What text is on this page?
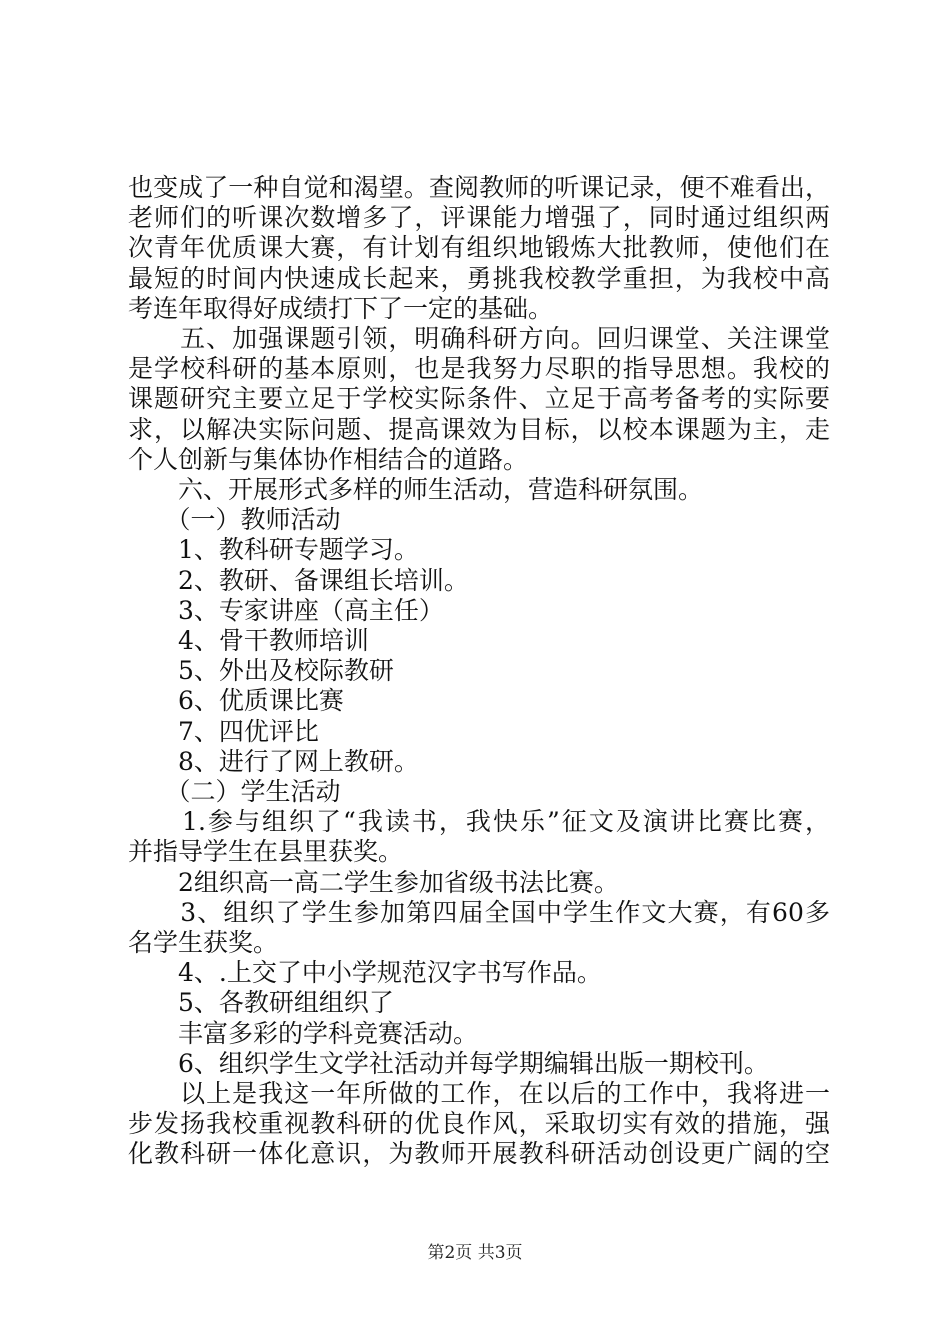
也变成了一种自觉和渴望。查阅教师的听课记录，便不难看出，
老师们的听课次数增多了，评课能力增强了，同时通过组织两
次青年优质课大赛，有计划有组织地锻炼大批教师，使他们在
最短的时间内快速成长起来，勇挑我校教学重担，为我校中高
考连年取得好成绩打下了一定的基础。
　　五、加强课题引领，明确科研方向。回归课堂、关注课堂
是学校科研的基本原则，也是我努力尽职的指导思想。我校的
课题研究主要立足于学校实际条件、立足于高考备考的实际要
求，以解决实际问题、提高课效为目标，以校本课题为主，走
个人创新与集体协作相结合的道路。
　　六、开展形式多样的师生活动，营造科研氛围。
　　（一）教师活动
　　1、教科研专题学习。
　　2、教研、备课组长培训。
　　3、专家讲座（高主任）
　　4、骨干教师培训
　　5、外出及校际教研
　　6、优质课比赛
　　7、四优评比
　　8、进行了网上教研。
　　（二）学生活动
　　1.参与组织了“我读书，我快乐”征文及演讲比赛比赛，
并指导学生在县里获奖。
　　2组织高一高二学生参加省级书法比赛。
　　3、组织了学生参加第四届全国中学生作文大赛，有60多
名学生获奖。
　　4、.上交了中小学规范汉字书写作品。
　　5、各教研组组织了
　　丰富多彩的学科竞赛活动。
　　6、组织学生文学社活动并每学期编辑出版一期校刊。
　　以上是我这一年所做的工作，在以后的工作中，我将进一
步发扬我校重视教科研的优良作风，采取切实有效的措施，强
化教科研一体化意识，为教师开展教科研活动创设更广阔的空
第2页 共3页
